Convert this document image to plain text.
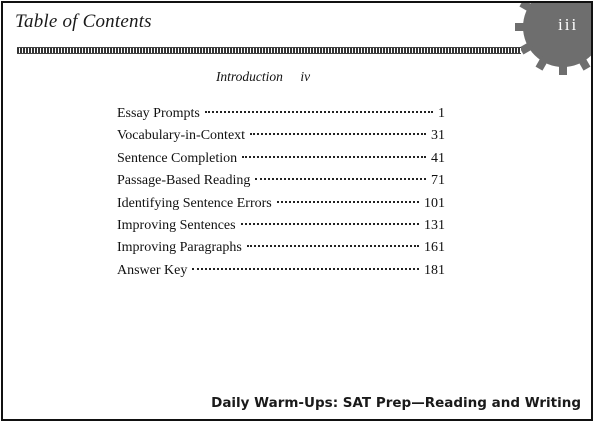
Table of Contents	iii
Introduction iv
Essay Prompts	1
Vocabulary-in-Context	31
Sentence Completion	41
Passage-Based Reading	71
Identifying Sentence Errors	101
Improving Sentences	131
Improving Paragraphs	161
Answer Key	181
Daily Warm-Ups: SAT Prep—Reading and Writing
